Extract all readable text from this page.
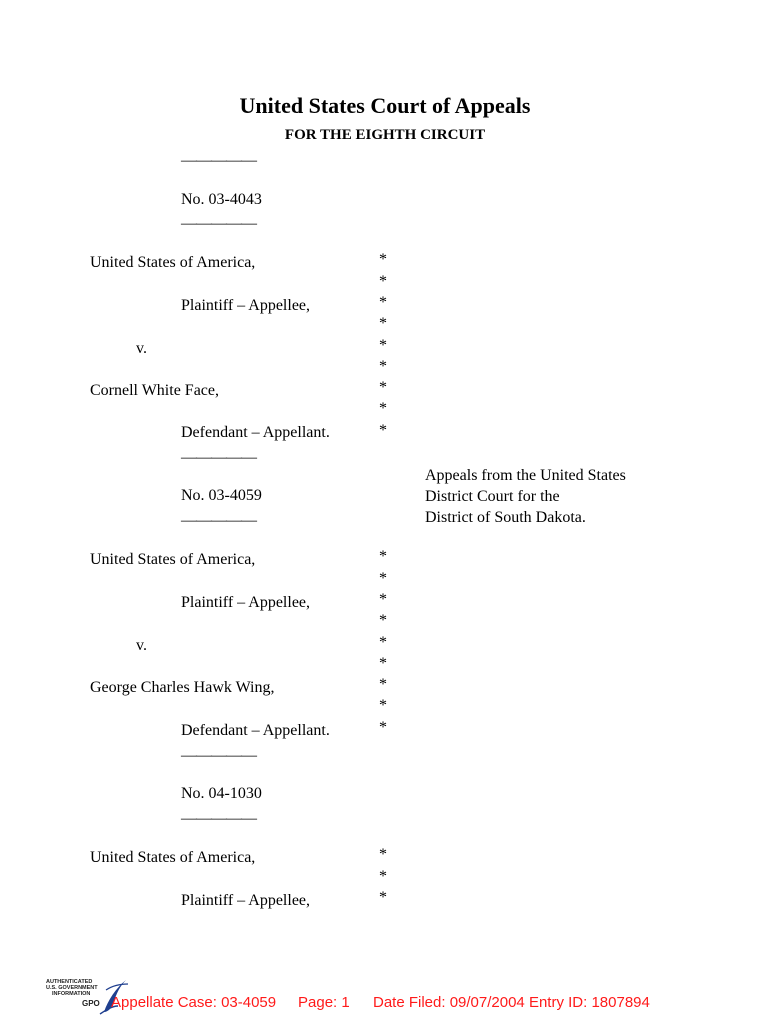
United States Court of Appeals
FOR THE EIGHTH CIRCUIT
—————
No. 03-4043
—————
United States of America,
Plaintiff – Appellee,
v.
Cornell White Face,
Defendant – Appellant.
*
*
*
*
*
*
*
*
*
—————
No. 03-4059
—————
United States of America,
Plaintiff – Appellee,
v.
George Charles Hawk Wing,
Defendant – Appellant.
*
*
*
*
*
*
*
*
*
—————
No. 04-1030
—————
United States of America,
Plaintiff – Appellee,
*
*
*
Appeals from the United States
District Court for the
District of South Dakota.
AUTHENTICATED
U.S. GOVERNMENT
INFORMATION
GPO Appellate Case: 03-4059 Page: 1 Date Filed: 09/07/2004 Entry ID: 1807894
